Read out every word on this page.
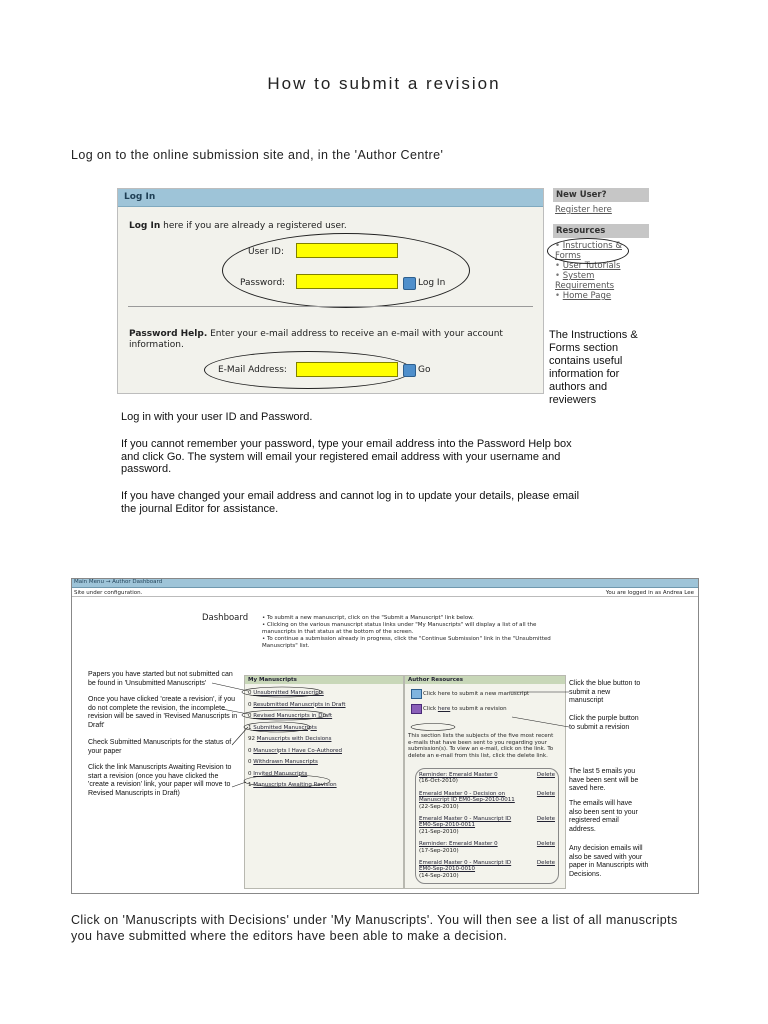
How to submit a revision
Log on to the online submission site and, in the 'Author Centre'
Log In
Log In here if you are already a registered user.
User ID:
Password:	Log In
Password Help. Enter your e-mail address to receive an e-mail with your account information.
E-Mail Address:	Go
New User?
Register here
Resources
• Instructions & Forms
• User Tutorials
• System Requirements
• Home Page
The Instructions & Forms section contains useful information for authors and reviewers
Log in with your user ID and Password.
If you cannot remember your password, type your email address into the Password Help box and click Go. The system will email your registered email address with your username and password.
If you have changed your email address and cannot log in to update your details, please email the journal Editor for assistance.
Main Menu → Author Dashboard
Site under configuration.	You are logged in as Andrea Lee
Dashboard	• To submit a new manuscript, click on the "Submit a Manuscript" link below.
• Clicking on the various manuscript status links under "My Manuscripts" will display a list of all the manuscripts in that status at the bottom of the screen.
• To continue a submission already in progress, click the "Continue Submission" link in the "Unsubmitted Manuscripts" list.
My Manuscripts
0 Unsubmitted Manuscripts
0 Resubmitted Manuscripts in Draft
0 Revised Manuscripts in Draft
1 Submitted Manuscripts
92 Manuscripts with Decisions
0 Manuscripts I Have Co-Authored
0 Withdrawn Manuscripts
0 Invited Manuscripts
1 Manuscripts Awaiting Revision
Author Resources
Click here to submit a new manuscript
Click here to submit a revision
This section lists the subjects of the five most recent e-mails that have been sent to you regarding your submission(s). To view an e-mail, click on the link. To delete an e-mail from this list, click the delete link.
Reminder: Emerald Master 0
(16-Oct-2010)
Delete
Emerald Master 0 - Decision on Manuscript ID EM0-Sep-2010-0011
(22-Sep-2010)
Delete
Emerald Master 0 - Manuscript ID EM0-Sep-2010-0011
(21-Sep-2010)
Delete
Reminder: Emerald Master 0
(17-Sep-2010)
Delete
Emerald Master 0 - Manuscript ID EM0-Sep-2010-0010
(14-Sep-2010)
Delete
Papers you have started but not submitted can be found in 'Unsubmitted Manuscripts'
Once you have clicked 'create a revision', if you do not complete the revision, the incomplete revision will be saved in 'Revised Manuscripts in Draft'
Check Submitted Manuscripts for the status of your paper
Click the link Manuscripts Awaiting Revision to start a revision (once you have clicked the 'create a revision' link, your paper will move to Revised Manuscripts in Draft)
Click the blue button to submit a new manuscript
Click the purple button to submit a revision
The last 5 emails you have been sent will be saved here.
The emails will have also been sent to your registered email address.
Any decision emails will also be saved with your paper in Manuscripts with Decisions.
Click on 'Manuscripts with Decisions' under 'My Manuscripts'. You will then see a list of all manuscripts you have submitted where the editors have been able to make a decision.
